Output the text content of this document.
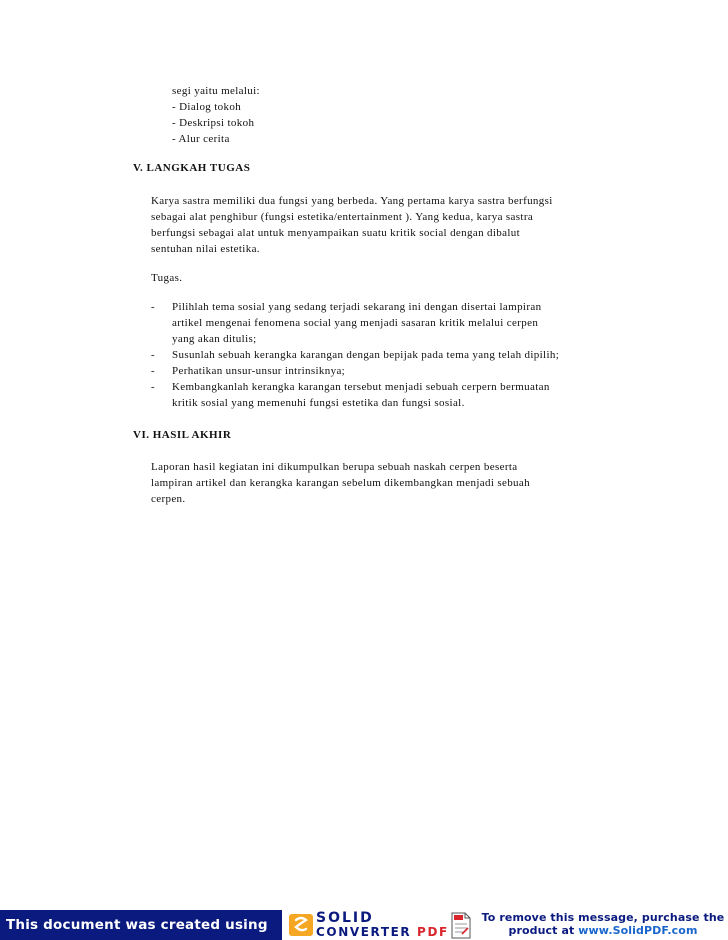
segi yaitu melalui:
- Dialog tokoh
- Deskripsi tokoh
- Alur cerita
V. LANGKAH TUGAS
Karya sastra memiliki dua fungsi yang berbeda. Yang pertama karya sastra berfungsi
sebagai alat penghibur (fungsi estetika/entertainment ). Yang kedua, karya sastra
berfungsi sebagai alat untuk menyampaikan suatu kritik social dengan dibalut
sentuhan nilai estetika.
Tugas.
- Pilihlah tema sosial yang sedang terjadi sekarang ini dengan disertai lampiran
artikel mengenai fenomena social yang menjadi sasaran kritik melalui cerpen
yang akan ditulis;
- Susunlah sebuah kerangka karangan dengan bepijak pada tema yang telah dipilih;
- Perhatikan unsur-unsur intrinsiknya;
- Kembangkanlah kerangka karangan tersebut menjadi sebuah cerpern bermuatan
kritik sosial yang memenuhi fungsi estetika dan fungsi sosial.
VI. HASIL AKHIR
Laporan hasil kegiatan ini dikumpulkan berupa sebuah naskah cerpen beserta
lampiran artikel dan kerangka karangan sebelum dikembangkan menjadi sebuah
cerpen.
This document was created using	SOLID
CONVERTER PDF
To remove this message, purchase the
product at www.SolidPDF.com
